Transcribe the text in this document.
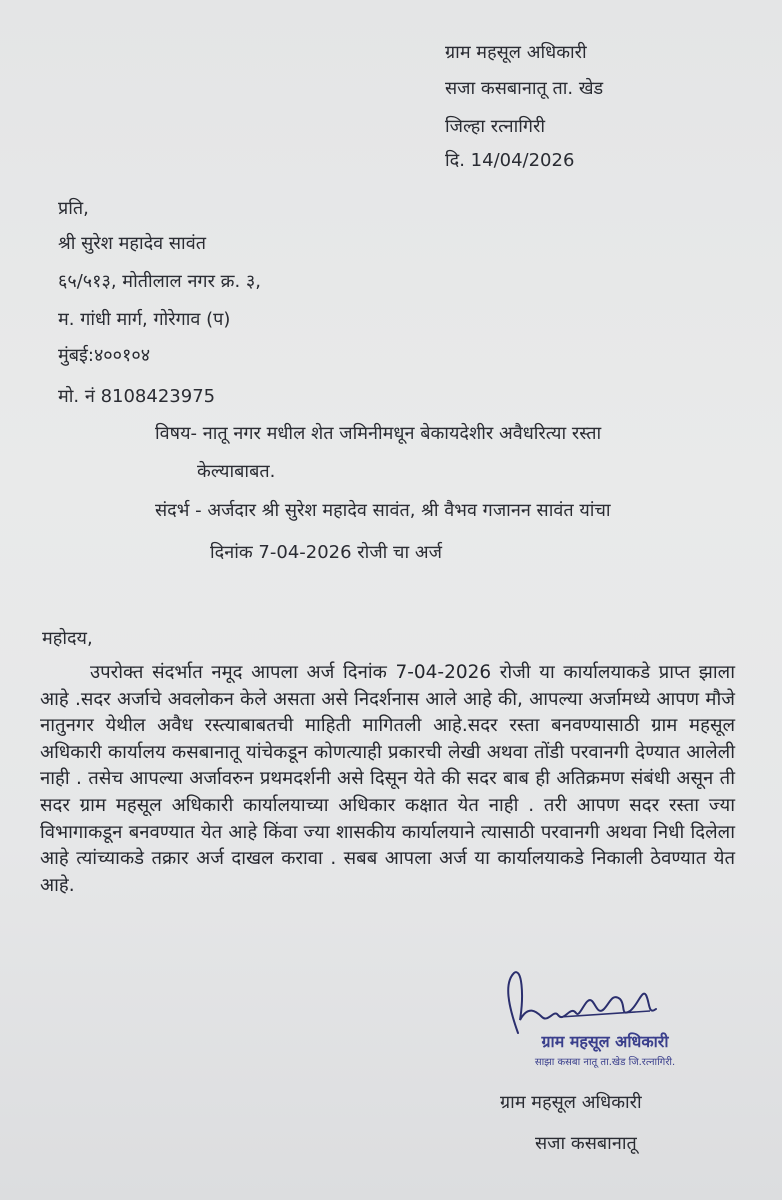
ग्राम महसूल अधिकारी
सजा कसबानातू ता. खेड
जिल्हा रत्नागिरी
दि. 14/04/2026
प्रति,
श्री सुरेश महादेव सावंत
६५/५१३, मोतीलाल नगर क्र. ३,
म. गांधी मार्ग, गोरेगाव (प)
मुंबई:४००१०४
मो. नं 8108423975
विषय- नातू नगर मधील शेत जमिनीमधून बेकायदेशीर अवैधरित्या रस्ता
केल्याबाबत.
संदर्भ - अर्जदार श्री सुरेश महादेव सावंत, श्री वैभव गजानन सावंत यांचा
दिनांक 7-04-2026 रोजी चा अर्ज
महोदय,

उपरोक्त संदर्भात नमूद आपला अर्ज दिनांक 7-04-2026 रोजी या कार्यालयाकडे प्राप्त झाला आहे .सदर अर्जाचे अवलोकन केले असता असे निदर्शनास आले आहे की, आपल्या अर्जामध्ये आपण मौजे नातुनगर येथील अवैध रस्त्याबाबतची माहिती मागितली आहे.सदर रस्ता बनवण्यासाठी ग्राम महसूल अधिकारी कार्यालय कसबानातू यांचेकडून कोणत्याही प्रकारची लेखी अथवा तोंडी परवानगी देण्यात आलेली नाही . तसेच आपल्या अर्जावरुन प्रथमदर्शनी असे दिसून येते की सदर बाब ही अतिक्रमण संबंधी असून ती सदर ग्राम महसूल अधिकारी कार्यालयाच्या अधिकार कक्षात येत नाही . तरी आपण सदर रस्ता ज्या विभागाकडून बनवण्यात येत आहे किंवा ज्या शासकीय कार्यालयाने त्यासाठी परवानगी अथवा निधी दिलेला आहे त्यांच्याकडे तक्रार अर्ज दाखल करावा . सबब आपला अर्ज या कार्यालयाकडे निकाली ठेवण्यात येत आहे.

ग्राम महसूल अधिकारी
साझा कसबा नातू ता.खेड जि.रत्नागिरी.
ग्राम महसूल अधिकारी
सजा कसबानातू
